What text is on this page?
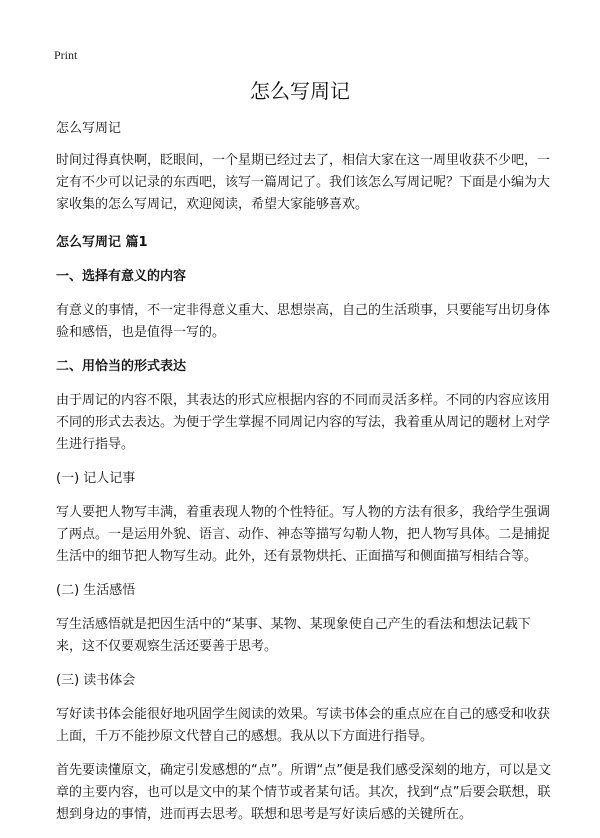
Print
怎么写周记

怎么写周记

时间过得真快啊，眨眼间，一个星期已经过去了，相信大家在这一周里收获不少吧，一定有不少可以记录的东西吧，该写一篇周记了。我们该怎么写周记呢？下面是小编为大家收集的怎么写周记，欢迎阅读，希望大家能够喜欢。

怎么写周记 篇1

一、选择有意义的内容

有意义的事情，不一定非得意义重大、思想崇高，自己的生活琐事，只要能写出切身体验和感悟，也是值得一写的。

二、用恰当的形式表达

由于周记的内容不限，其表达的形式应根据内容的不同而灵活多样。不同的内容应该用不同的形式去表达。为便于学生掌握不同周记内容的写法，我着重从周记的题材上对学生进行指导。

(一) 记人记事

写人要把人物写丰满，着重表现人物的个性特征。写人物的方法有很多，我给学生强调了两点。一是运用外貌、语言、动作、神态等描写勾勒人物，把人物写具体。二是捕捉生活中的细节把人物写生动。此外，还有景物烘托、正面描写和侧面描写相结合等。

(二) 生活感悟

写生活感悟就是把因生活中的“某事、某物、某现象使自己产生的看法和想法记载下来，这不仅要观察生活还要善于思考。

(三) 读书体会

写好读书体会能很好地巩固学生阅读的效果。写读书体会的重点应在自己的感受和收获上面，千万不能抄原文代替自己的感想。我从以下方面进行指导。

首先要读懂原文，确定引发感想的“点”。所谓“点”便是我们感受深刻的地方，可以是文章的主要内容，也可以是文中的某个情节或者某句话。其次，找到“点”后要会联想，联想到身边的事情，进而再去思考。联想和思考是写好读后感的关键所在。
